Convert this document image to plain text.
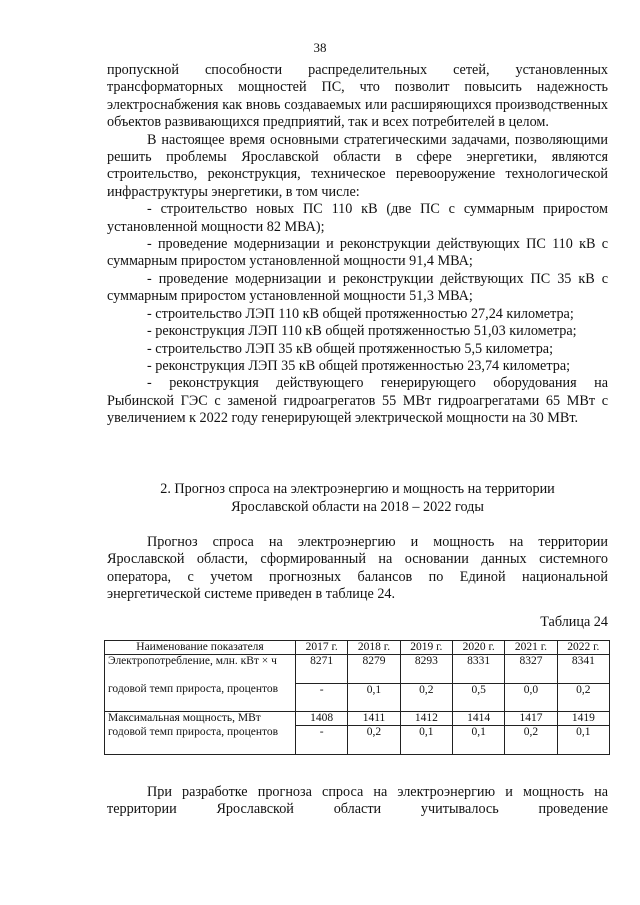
38

пропускной способности распределительных сетей, установленных трансформаторных мощностей ПС, что позволит повысить надежность электроснабжения как вновь создаваемых или расширяющихся производственных объектов развивающихся предприятий, так и всех потребителей в целом.

В настоящее время основными стратегическими задачами, позволяющими решить проблемы Ярославской области в сфере энергетики, являются строительство, реконструкция, техническое перевооружение технологической инфраструктуры энергетики, в том числе:

- строительство новых ПС 110 кВ (две ПС с суммарным приростом установленной мощности 82 МВА);

- проведение модернизации и реконструкции действующих ПС 110 кВ с суммарным приростом установленной мощности 91,4 МВА;

- проведение модернизации и реконструкции действующих ПС 35 кВ с суммарным приростом установленной мощности 51,3 МВА;

- строительство ЛЭП 110 кВ общей протяженностью 27,24 километра;

- реконструкция ЛЭП 110 кВ общей протяженностью 51,03 километра;

- строительство ЛЭП 35 кВ общей протяженностью 5,5 километра;

- реконструкция ЛЭП 35 кВ общей протяженностью 23,74 километра;

- реконструкция действующего генерирующего оборудования на Рыбинской ГЭС с заменой гидроагрегатов 55 МВт гидроагрегатами 65 МВт с увеличением к 2022 году генерирующей электрической мощности на 30 МВт.

2. Прогноз спроса на электроэнергию и мощность на территории
Ярославской области на 2018 – 2022 годы

Прогноз спроса на электроэнергию и мощность на территории Ярославской области, сформированный на основании данных системного оператора, с учетом прогнозных балансов по Единой национальной энергетической системе приведен в таблице 24.

Таблица 24
Наименование показателя	2017 г.	2018 г.	2019 г.	2020 г.	2021 г.	2022 г.
Электропотребление, млн. кВт × ч	8271	8279	8293	8331	8327	8341
годовой темп прироста, процентов	-	0,1	0,2	0,5	0,0	0,2
Максимальная мощность, МВт	1408	1411	1412	1414	1417	1419
годовой темп прироста, процентов	-	0,2	0,1	0,1	0,2	0,1

При разработке прогноза спроса на электроэнергию и мощность на территории Ярославской области учитывалось проведение
